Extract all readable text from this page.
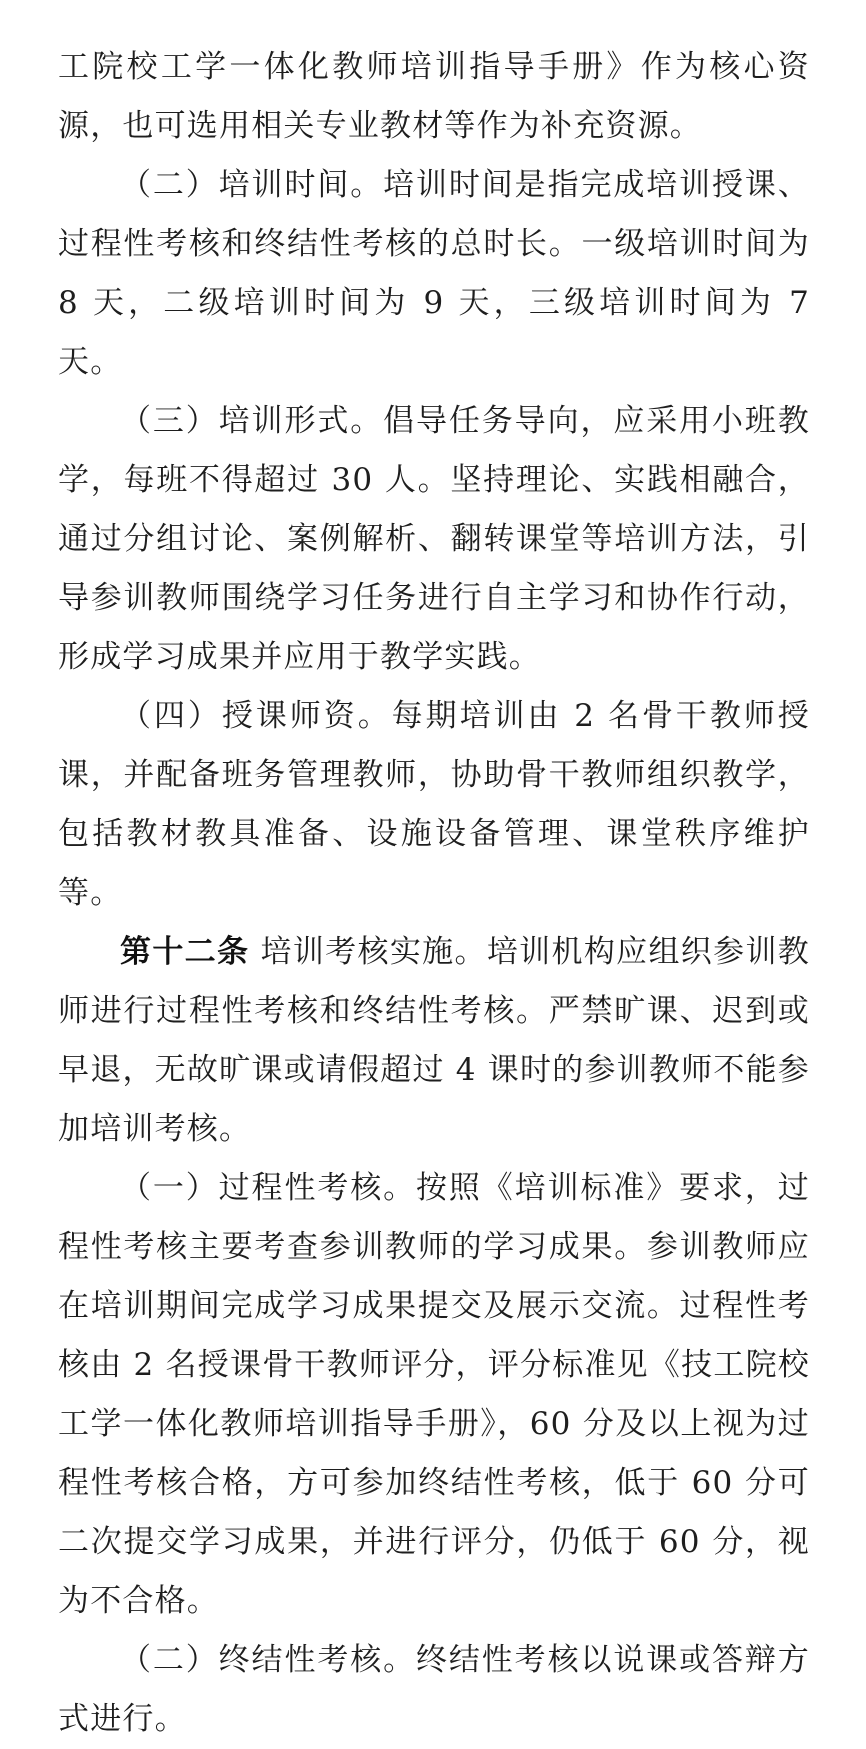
工院校工学一体化教师培训指导手册》作为核心资源，也可选用相关专业教材等作为补充资源。

（二）培训时间。培训时间是指完成培训授课、过程性考核和终结性考核的总时长。一级培训时间为 8 天，二级培训时间为 9 天，三级培训时间为 7 天。

（三）培训形式。倡导任务导向，应采用小班教学，每班不得超过 30 人。坚持理论、实践相融合，通过分组讨论、案例解析、翻转课堂等培训方法，引导参训教师围绕学习任务进行自主学习和协作行动，形成学习成果并应用于教学实践。

（四）授课师资。每期培训由 2 名骨干教师授课，并配备班务管理教师，协助骨干教师组织教学，包括教材教具准备、设施设备管理、课堂秩序维护等。

第十二条 培训考核实施。培训机构应组织参训教师进行过程性考核和终结性考核。严禁旷课、迟到或早退，无故旷课或请假超过 4 课时的参训教师不能参加培训考核。

（一）过程性考核。按照《培训标准》要求，过程性考核主要考查参训教师的学习成果。参训教师应在培训期间完成学习成果提交及展示交流。过程性考核由 2 名授课骨干教师评分，评分标准见《技工院校工学一体化教师培训指导手册》，60 分及以上视为过程性考核合格，方可参加终结性考核，低于 60 分可二次提交学习成果，并进行评分，仍低于 60 分，视为不合格。

（二）终结性考核。终结性考核以说课或答辩方式进行。
